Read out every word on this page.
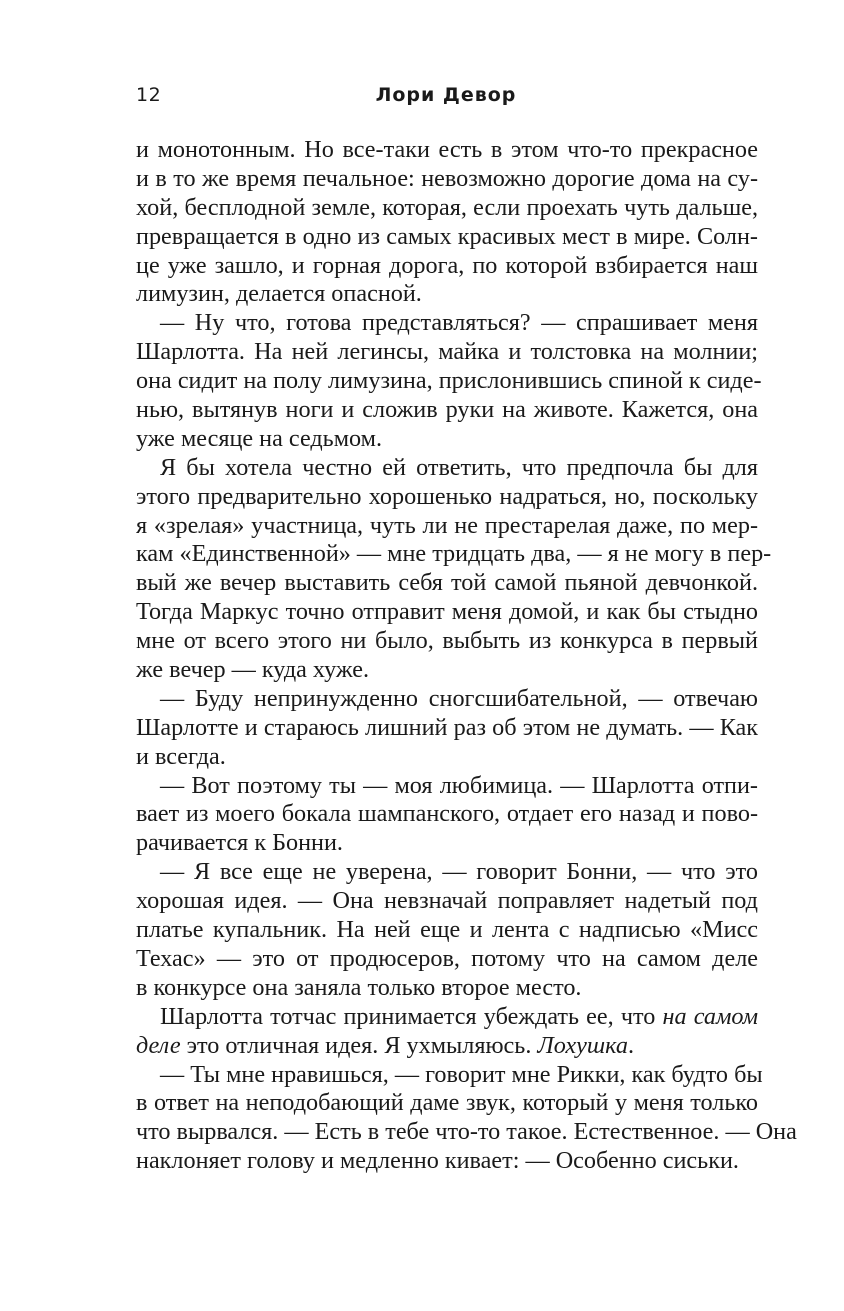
12	Лори Девор
и монотонным. Но все-таки есть в этом что-то прекрасное
и в то же время печальное: невозможно дорогие дома на су-
хой, бесплодной земле, которая, если проехать чуть дальше,
превращается в одно из самых красивых мест в мире. Солн-
це уже зашло, и горная дорога, по которой взбирается наш
лимузин, делается опасной.
— Ну что, готова представляться? — спрашивает меня
Шарлотта. На ней легинсы, майка и толстовка на молнии;
она сидит на полу лимузина, прислонившись спиной к сиде-
нью, вытянув ноги и сложив руки на животе. Кажется, она
уже месяце на седьмом.
Я бы хотела честно ей ответить, что предпочла бы для
этого предварительно хорошенько надраться, но, поскольку
я «зрелая» участница, чуть ли не престарелая даже, по мер-
кам «Единственной» — мне тридцать два, — я не могу в пер-
вый же вечер выставить себя той самой пьяной девчонкой.
Тогда Маркус точно отправит меня домой, и как бы стыдно
мне от всего этого ни было, выбыть из конкурса в первый
же вечер — куда хуже.
— Буду непринужденно сногсшибательной, — отвечаю
Шарлотте и стараюсь лишний раз об этом не думать. — Как
и всегда.
— Вот поэтому ты — моя любимица. — Шарлотта отпи-
вает из моего бокала шампанского, отдает его назад и пово-
рачивается к Бонни.
— Я все еще не уверена, — говорит Бонни, — что это
хорошая идея. — Она невзначай поправляет надетый под
платье купальник. На ней еще и лента с надписью «Мисс
Техас» — это от продюсеров, потому что на самом деле
в конкурсе она заняла только второе место.
Шарлотта тотчас принимается убеждать ее, что на самом
деле это отличная идея. Я ухмыляюсь. Лохушка.
— Ты мне нравишься, — говорит мне Рикки, как будто бы
в ответ на неподобающий даме звук, который у меня только
что вырвался. — Есть в тебе что-то такое. Естественное. — Она
наклоняет голову и медленно кивает: — Особенно сиськи.
